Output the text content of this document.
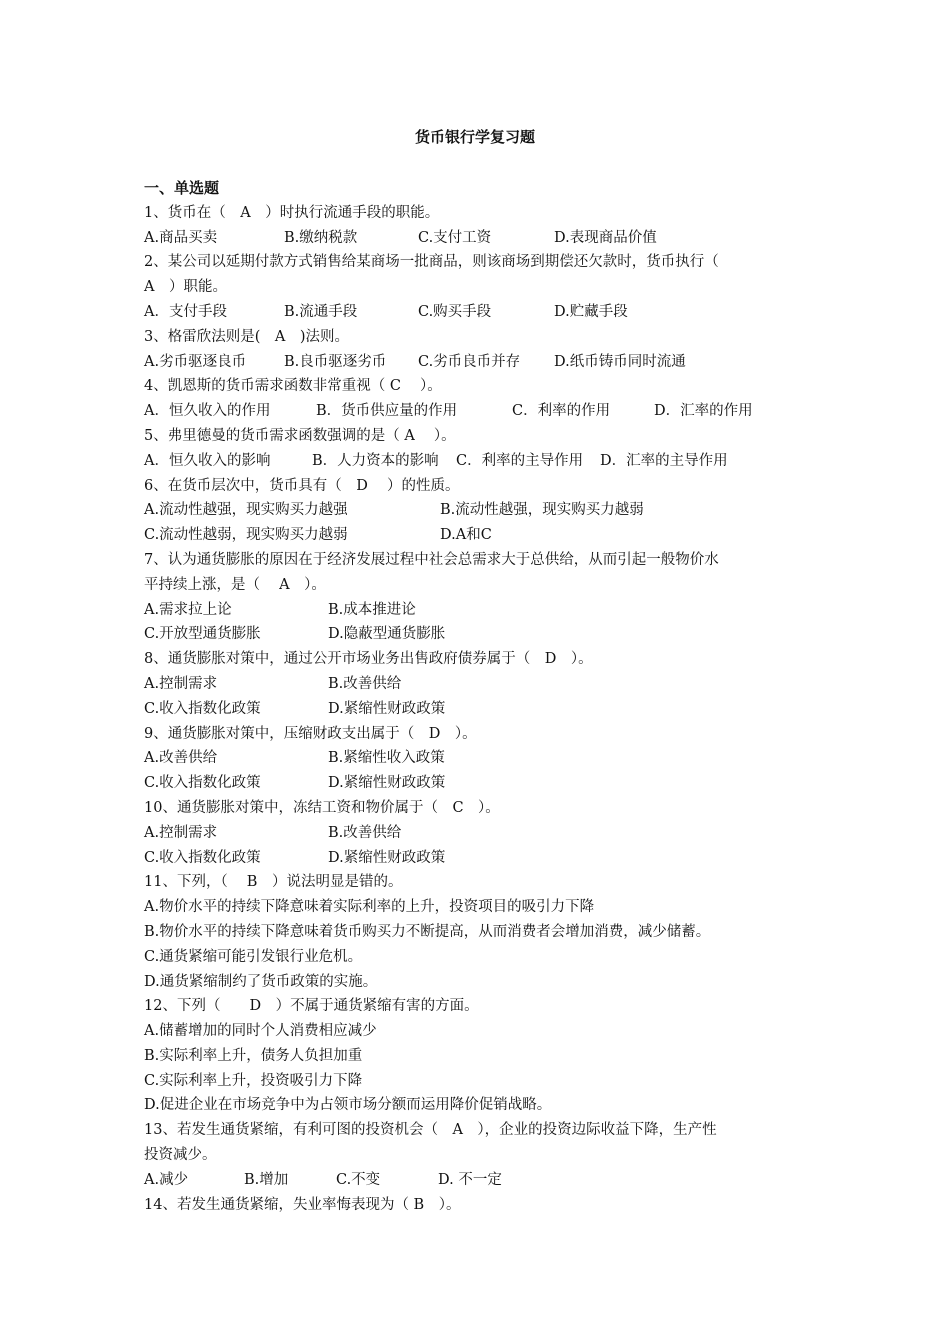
货币银行学复习题
一、单选题
1、货币在（　A　）时执行流通手段的职能。
A.商品买卖	B.缴纳税款	C.支付工资	D.表现商品价值
2、某公司以延期付款方式销售给某商场一批商品，则该商场到期偿还欠款时，货币执行（
A　）职能。
A．支付手段	B.流通手段	C.购买手段	D.贮藏手段
3、格雷欣法则是(　A　)法则。
A.劣币驱逐良币	B.良币驱逐劣币 C.劣币良币并存 D.纸币铸币同时流通
4、凯恩斯的货币需求函数非常重视（ C　 ）。
A．恒久收入的作用	B．货币供应量的作用	C．利率的作用	D．汇率的作用
5、弗里德曼的货币需求函数强调的是（ A　 ）。
A．恒久收入的影响	B．人力资本的影响 C．利率的主导作用 D．汇率的主导作用
6、在货币层次中，货币具有（　D　 ）的性质。
A.流动性越强，现实购买力越强	B.流动性越强，现实购买力越弱
C.流动性越弱，现实购买力越弱	D.A和C
7、认为通货膨胀的原因在于经济发展过程中社会总需求大于总供给，从而引起一般物价水
平持续上涨，是（　 A　）。
A.需求拉上论	B.成本推进论
C.开放型通货膨胀	D.隐蔽型通货膨胀
8、通货膨胀对策中，通过公开市场业务出售政府债券属于（　D　）。
A.控制需求	B.改善供给
C.收入指数化政策	D.紧缩性财政政策
9、通货膨胀对策中，压缩财政支出属于（　D　）。
A.改善供给	B.紧缩性收入政策
C.收入指数化政策	D.紧缩性财政政策
10、通货膨胀对策中，冻结工资和物价属于（　C　）。
A.控制需求	B.改善供给
C.收入指数化政策	D.紧缩性财政政策
11、下列，（　 B　）说法明显是错的。
A.物价水平的持续下降意味着实际利率的上升，投资项目的吸引力下降
B.物价水平的持续下降意味着货币购买力不断提高，从而消费者会增加消费，减少储蓄。
C.通货紧缩可能引发银行业危机。
D.通货紧缩制约了货币政策的实施。
12、下列（　　D　）不属于通货紧缩有害的方面。
A.储蓄增加的同时个人消费相应减少
B.实际利率上升，债务人负担加重
C.实际利率上升，投资吸引力下降
D.促进企业在市场竞争中为占领市场分额而运用降价促销战略。
13、若发生通货紧缩，有利可图的投资机会（　A　），企业的投资边际收益下降，生产性
投资减少。
A.减少	B.增加	C.不变	D. 不一定
14、若发生通货紧缩，失业率悔表现为（ B　）。
